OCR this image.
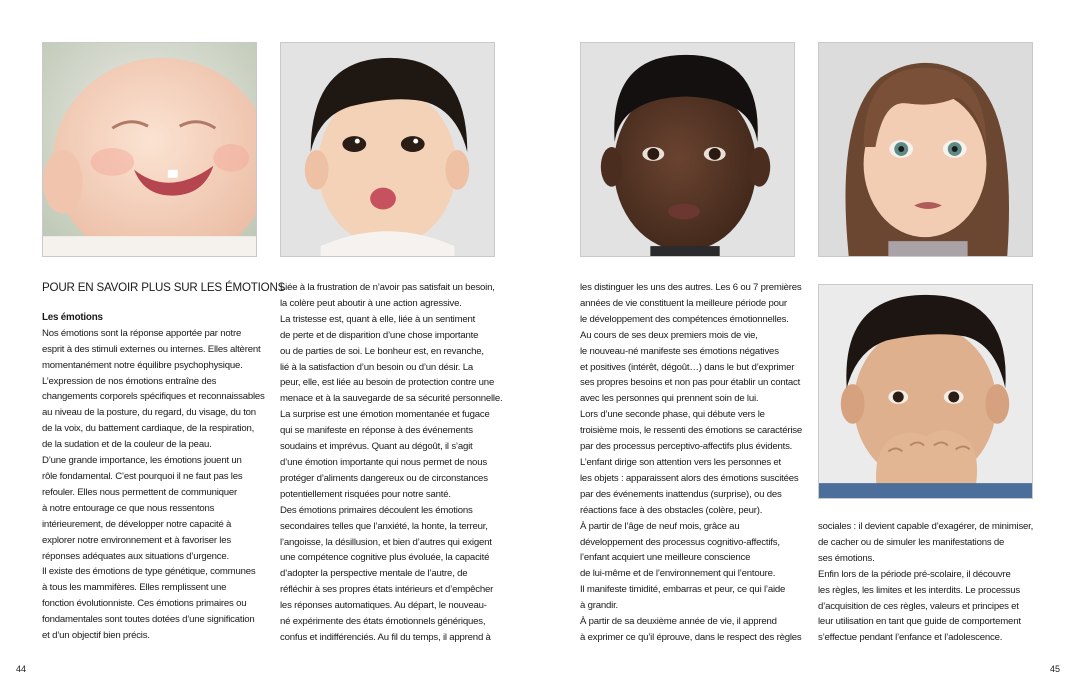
POUR EN SAVOIR PLUS SUR LES ÉMOTIONS

Les émotions

Nos émotions sont la réponse apportée par notre

esprit à des stimuli externes ou internes. Elles altèrent

momentanément notre équilibre psychophysique.

L’expression de nos émotions entraîne des

changements corporels spécifiques et reconnaissables

au niveau de la posture, du regard, du visage, du ton

de la voix, du battement cardiaque, de la respiration,

de la sudation et de la couleur de la peau.

D’une grande importance, les émotions jouent un

rôle fondamental. C’est pourquoi il ne faut pas les

refouler. Elles nous permettent de communiquer

à notre entourage ce que nous ressentons

intérieurement, de développer notre capacité à

explorer notre environnement et à favoriser les

réponses adéquates aux situations d’urgence.

Il existe des émotions de type génétique, communes

à tous les mammifères. Elles remplissent une

fonction évolutionniste. Ces émotions primaires ou

fondamentales sont toutes dotées d’une signification

et d’un objectif bien précis.

Liée à la frustration de n’avoir pas satisfait un besoin,

la colère peut aboutir à une action agressive.

La tristesse est, quant à elle, liée à un sentiment

de perte et de disparition d’une chose importante

ou de parties de soi. Le bonheur est, en revanche,

lié à la satisfaction d’un besoin ou d’un désir. La

peur, elle, est liée au besoin de protection contre une

menace et à la sauvegarde de sa sécurité personnelle.

La surprise est une émotion momentanée et fugace

qui se manifeste en réponse à des événements

soudains et imprévus. Quant au dégoût, il s’agit

d’une émotion importante qui nous permet de nous

protéger d’aliments dangereux ou de circonstances

potentiellement risquées pour notre santé.

Des émotions primaires découlent les émotions

secondaires telles que l’anxiété, la honte, la terreur,

l’angoisse, la désillusion, et bien d’autres qui exigent

une compétence cognitive plus évoluée, la capacité

d’adopter la perspective mentale de l’autre, de

réfléchir à ses propres états intérieurs et d’empêcher

les réponses automatiques. Au départ, le nouveau-

né expérimente des états émotionnels génériques,

confus et indifférenciés. Au fil du temps, il apprend à

les distinguer les uns des autres. Les 6 ou 7 premières

années de vie constituent la meilleure période pour

le développement des compétences émotionnelles.

Au cours de ses deux premiers mois de vie,

le nouveau-né manifeste ses émotions négatives

et positives (intérêt, dégoût…) dans le but d’exprimer

ses propres besoins et non pas pour établir un contact

avec les personnes qui prennent soin de lui.

Lors d’une seconde phase, qui débute vers le

troisième mois, le ressenti des émotions se caractérise

par des processus perceptivo-affectifs plus évidents.

L’enfant dirige son attention vers les personnes et

les objets : apparaissent alors des émotions suscitées

par des événements inattendus (surprise), ou des

réactions face à des obstacles (colère, peur).

À partir de l’âge de neuf mois, grâce au

développement des processus cognitivo-affectifs,

l’enfant acquiert une meilleure conscience

de lui-même et de l’environnement qui l’entoure.

Il manifeste timidité, embarras et peur, ce qui l’aide

à grandir.

À partir de sa deuxième année de vie, il apprend

à exprimer ce qu’il éprouve, dans le respect des règles

sociales : il devient capable d’exagérer, de minimiser,

de cacher ou de simuler les manifestations de

ses émotions.

Enfin lors de la période pré-scolaire, il découvre

les règles, les limites et les interdits. Le processus

d’acquisition de ces règles, valeurs et principes et

leur utilisation en tant que guide de comportement

s’effectue pendant l’enfance et l’adolescence.

44	45
